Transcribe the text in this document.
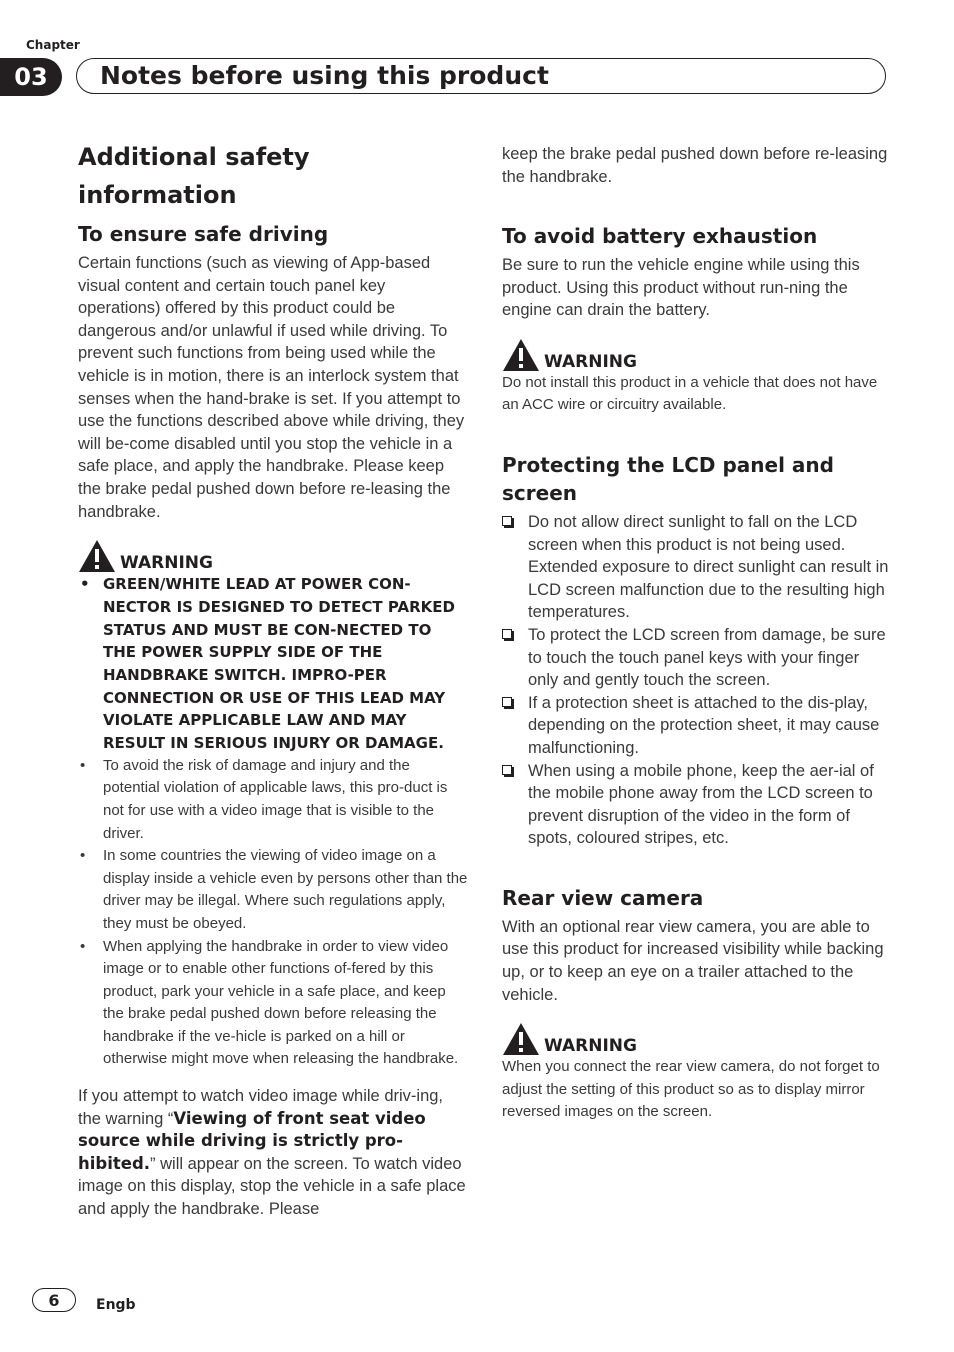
Chapter
03	Notes before using this product
Additional safety information
To ensure safe driving

Certain functions (such as viewing of App-based visual content and certain touch panel key operations) offered by this product could be dangerous and/or unlawful if used while driving. To prevent such functions from being used while the vehicle is in motion, there is an interlock system that senses when the hand-brake is set. If you attempt to use the functions described above while driving, they will be-come disabled until you stop the vehicle in a safe place, and apply the handbrake. Please keep the brake pedal pushed down before re-leasing the handbrake.

WARNING
• GREEN/WHITE LEAD AT POWER CON-NECTOR IS DESIGNED TO DETECT PARKED STATUS AND MUST BE CON-NECTED TO THE POWER SUPPLY SIDE OF THE HANDBRAKE SWITCH. IMPRO-PER CONNECTION OR USE OF THIS LEAD MAY VIOLATE APPLICABLE LAW AND MAY RESULT IN SERIOUS INJURY OR DAMAGE.
• To avoid the risk of damage and injury and the potential violation of applicable laws, this pro-duct is not for use with a video image that is visible to the driver.
• In some countries the viewing of video image on a display inside a vehicle even by persons other than the driver may be illegal. Where such regulations apply, they must be obeyed.
• When applying the handbrake in order to view video image or to enable other functions of-fered by this product, park your vehicle in a safe place, and keep the brake pedal pushed down before releasing the handbrake if the ve-hicle is parked on a hill or otherwise might move when releasing the handbrake.

If you attempt to watch video image while driv-ing, the warning “Viewing of front seat video source while driving is strictly pro-hibited.” will appear on the screen. To watch video image on this display, stop the vehicle in a safe place and apply the handbrake. Please

keep the brake pedal pushed down before re-leasing the handbrake.

To avoid battery exhaustion

Be sure to run the vehicle engine while using this product. Using this product without run-ning the engine can drain the battery.

WARNING

Do not install this product in a vehicle that does not have an ACC wire or circuitry available.

Protecting the LCD panel and screen
Do not allow direct sunlight to fall on the LCD screen when this product is not being used. Extended exposure to direct sunlight can result in LCD screen malfunction due to the resulting high temperatures.
To protect the LCD screen from damage, be sure to touch the touch panel keys with your finger only and gently touch the screen.
If a protection sheet is attached to the dis-play, depending on the protection sheet, it may cause malfunctioning.
When using a mobile phone, keep the aer-ial of the mobile phone away from the LCD screen to prevent disruption of the video in the form of spots, coloured stripes, etc.
Rear view camera

With an optional rear view camera, you are able to use this product for increased visibility while backing up, or to keep an eye on a trailer attached to the vehicle.

WARNING

When you connect the rear view camera, do not forget to adjust the setting of this product so as to display mirror reversed images on the screen.

6	Engb
